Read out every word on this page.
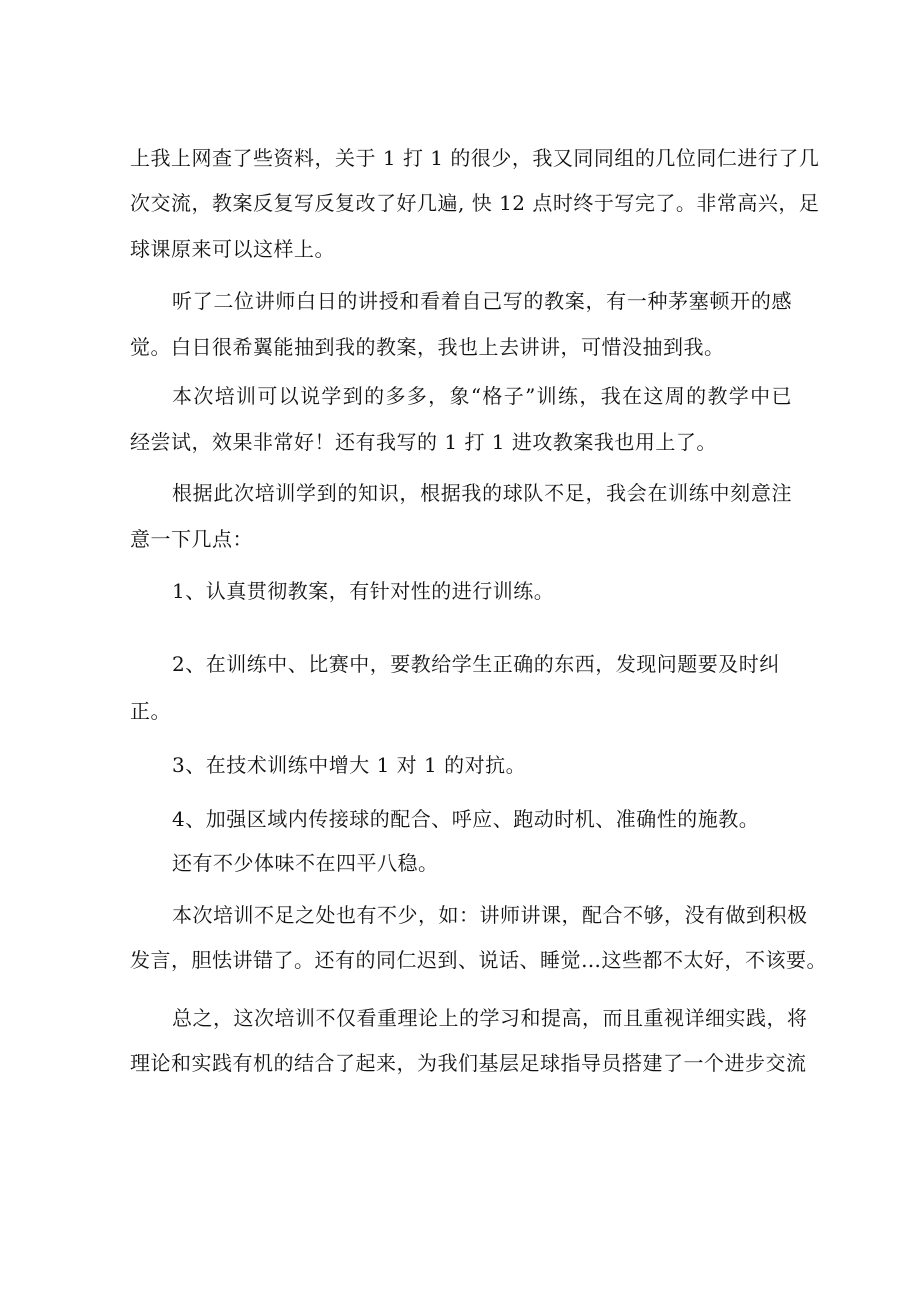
上我上网查了些资料，关于 1 打 1 的很少，我又同同组的几位同仁进行了几
次交流，教案反复写反复改了好几遍, 快 12 点时终于写完了。非常高兴，足
球课原来可以这样上。
听了二位讲师白日的讲授和看着自己写的教案，有一种茅塞顿开的感
觉。白日很希翼能抽到我的教案，我也上去讲讲，可惜没抽到我。
本次培训可以说学到的多多，象“格子”训练，我在这周的教学中已
经尝试，效果非常好！还有我写的 1 打 1 进攻教案我也用上了。
根据此次培训学到的知识，根据我的球队不足，我会在训练中刻意注
意一下几点：
1、认真贯彻教案，有针对性的进行训练。
2、在训练中、比赛中，要教给学生正确的东西，发现问题要及时纠
正。
3、在技术训练中增大 1 对 1 的对抗。
4、加强区域内传接球的配合、呼应、跑动时机、准确性的施教。
还有不少体味不在四平八稳。
本次培训不足之处也有不少，如：讲师讲课，配合不够，没有做到积极
发言，胆怯讲错了。还有的同仁迟到、说话、睡觉…这些都不太好，不该要。
总之，这次培训不仅看重理论上的学习和提高，而且重视详细实践，将
理论和实践有机的结合了起来，为我们基层足球指导员搭建了一个进步交流
